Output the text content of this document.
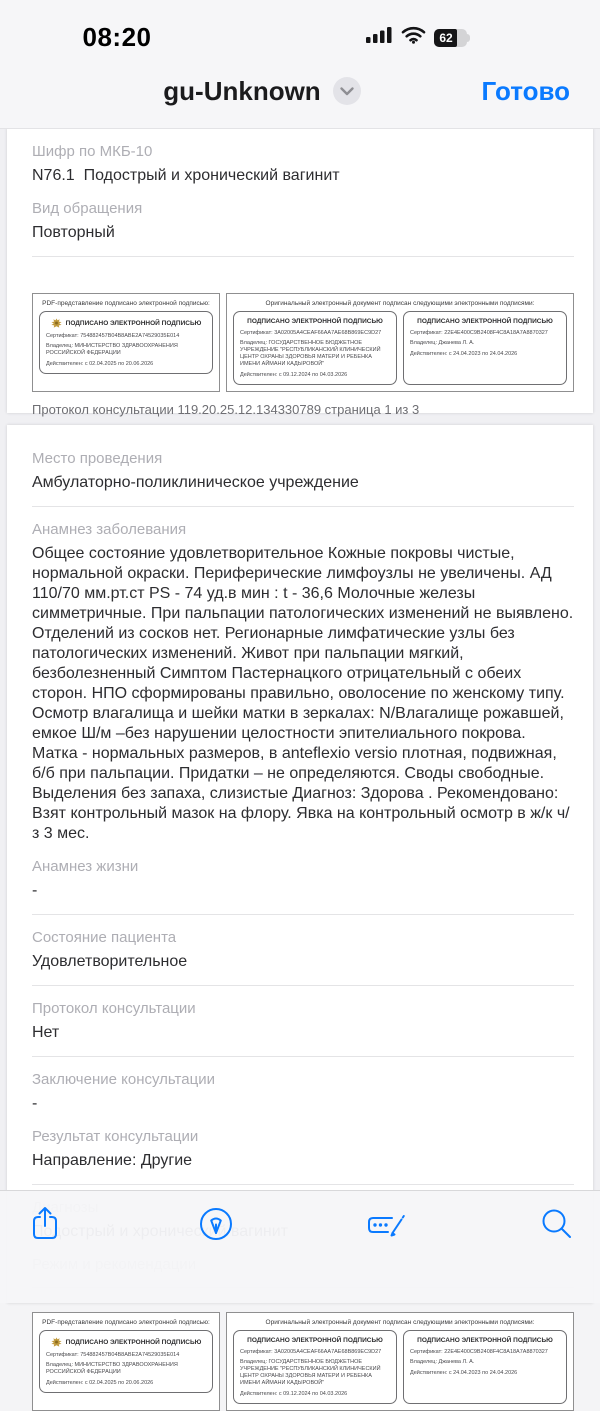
08:20	62
gu-Unknown	Готово
Шифр по МКБ-10
N76.1  Подострый и хронический вагинит
Вид обращения
Повторный
PDF-представление подписано электронной подписью:
ПОДПИСАНО ЭЛЕКТРОННОЙ ПОДПИСЬЮ
Сертификат: 754882457B04B8ABE2A74529035E014
Владелец: МИНИСТЕРСТВО ЗДРАВООХРАНЕНИЯ РОССИЙСКОЙ ФЕДЕРАЦИИ
Действителен: с 02.04.2025 по 20.06.2026
Оригинальный электронный документ подписан следующими электронными подписями:
ПОДПИСАНО ЭЛЕКТРОННОЙ ПОДПИСЬЮ
Сертификат: 3A02005A4CEAF66AA7AE68B869EC9D27
Владелец: ГОСУДАРСТВЕННОЕ БЮДЖЕТНОЕ УЧРЕЖДЕНИЕ "РЕСПУБЛИКАНСКИЙ КЛИНИЧЕСКИЙ ЦЕНТР ОХРАНЫ ЗДОРОВЬЯ МАТЕРИ И РЕБЕНКА ИМЕНИ АЙМАНИ КАДЫРОВОЙ"
Действителен: с 09.12.2024 по 04.03.2026
ПОДПИСАНО ЭЛЕКТРОННОЙ ПОДПИСЬЮ
Сертификат: 22E4E400C9B2408F4C8A18A7A8870327
Владелец: Джанева Л. А.
Действителен: с 24.04.2023 по 24.04.2026
Протокол консультации 119.20.25.12.134330789 страница 1 из 3
Место проведения
Амбулаторно-поликлиническое учреждение
Анамнез заболевания
Общее состояние удовлетворительное Кожные покровы чистые, нормальной окраски. Периферические лимфоузлы не увеличены. АД 110/70 мм.рт.ст PS - 74 уд.в мин : t - 36,6 Молочные железы симметричные. При пальпации патологических изменений не выявлено. Отделений из сосков нет. Регионарные лимфатические узлы без патологических изменений. Живот при пальпации мягкий, безболезненный Симптом Пастернацкого отрицательный с обеих сторон. НПО сформированы правильно, оволосение по женскому типу. Осмотр влагалища и шейки матки в зеркалах: N/Влагалище рожавшей, емкое Ш/м –без нарушении целостности эпителиального покрова. Матка - нормальных размеров, в anteflexio versio плотная, подвижная, б/б при пальпации. Придатки – не определяются. Своды свободные. Выделения без запаха, слизистые Диагноз: Здорова . Рекомендовано: Взят контрольный мазок на флору. Явка на контрольный осмотр в ж/к ч/з 3 мес.
Анамнез жизни
-
Состояние пациента
Удовлетворительное
Протокол консультации
Нет
Заключение консультации
-
Результат консультации
Направление: Другие
PDF-представление подписано электронной подписью:
ПОДПИСАНО ЭЛЕКТРОННОЙ ПОДПИСЬЮ
Сертификат: 754882457B04B8ABE2A74529035E014
Владелец: МИНИСТЕРСТВО ЗДРАВООХРАНЕНИЯ РОССИЙСКОЙ ФЕДЕРАЦИИ
Действителен: с 02.04.2025 по 20.06.2026
Оригинальный электронный документ подписан следующими электронными подписями:
ПОДПИСАНО ЭЛЕКТРОННОЙ ПОДПИСЬЮ
Сертификат: 3A02005A4CEAF66AA7AE68B869EC9D27
Владелец: ГОСУДАРСТВЕННОЕ БЮДЖЕТНОЕ УЧРЕЖДЕНИЕ "РЕСПУБЛИКАНСКИЙ КЛИНИЧЕСКИЙ ЦЕНТР ОХРАНЫ ЗДОРОВЬЯ МАТЕРИ И РЕБЕНКА ИМЕНИ АЙМАНИ КАДЫРОВОЙ"
Действителен: с 09.12.2024 по 04.03.2026
ПОДПИСАНО ЭЛЕКТРОННОЙ ПОДПИСЬЮ
Сертификат: 22E4E400C9B2408F4C8A18A7A8870327
Владелец: Джанева Л. А.
Действителен: с 24.04.2023 по 24.04.2026
